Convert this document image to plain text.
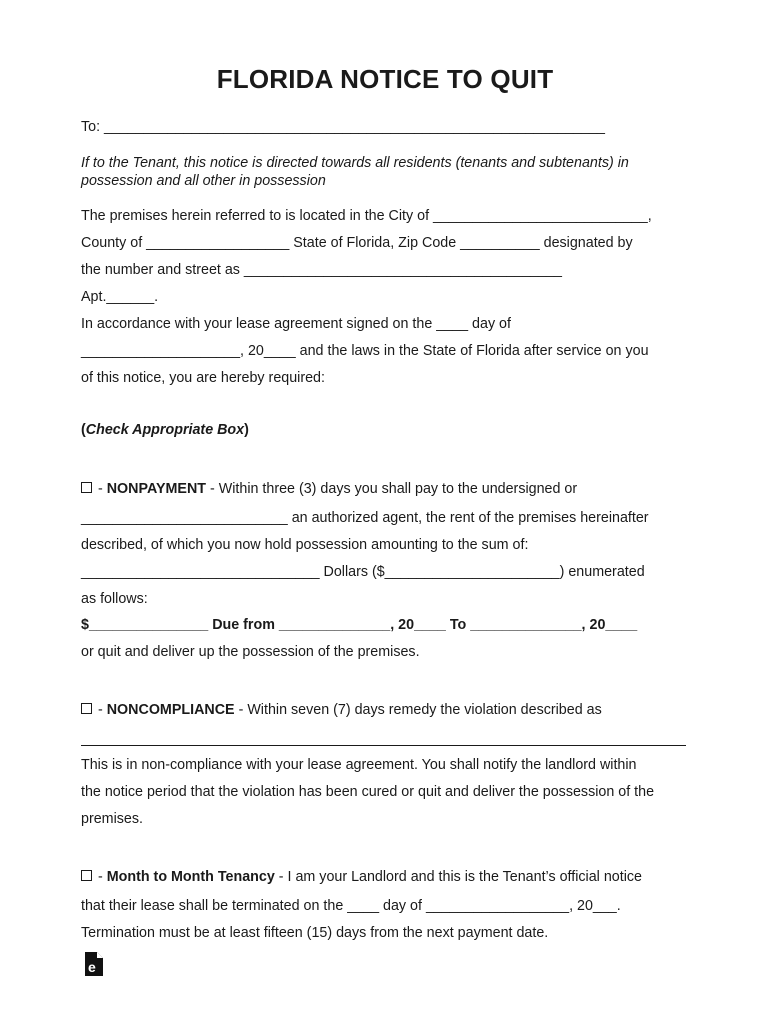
FLORIDA NOTICE TO QUIT
To: _______________________________________________________________
If to the Tenant, this notice is directed towards all residents (tenants and subtenants) in
possession and all other in possession
The premises herein referred to is located in the City of ___________________________,
County of __________________ State of Florida, Zip Code __________ designated by
the number and street as ________________________________________
Apt.______.
In accordance with your lease agreement signed on the ____ day of
____________________, 20____ and the laws in the State of Florida after service on you
of this notice, you are hereby required:
(Check Appropriate Box)
- NONPAYMENT - Within three (3) days you shall pay to the undersigned or
__________________________ an authorized agent, the rent of the premises hereinafter
described, of which you now hold possession amounting to the sum of:
______________________________ Dollars ($______________________) enumerated
as follows:
$_______________ Due from ______________, 20____ To ______________, 20____
or quit and deliver up the possession of the premises.
- NONCOMPLIANCE - Within seven (7) days remedy the violation described as
This is in non-compliance with your lease agreement. You shall notify the landlord within
the notice period that the violation has been cured or quit and deliver the possession of the
premises.
- Month to Month Tenancy - I am your Landlord and this is the Tenant’s official notice
that their lease shall be terminated on the ____ day of __________________, 20___.
Termination must be at least fifteen (15) days from the next payment date.
e
